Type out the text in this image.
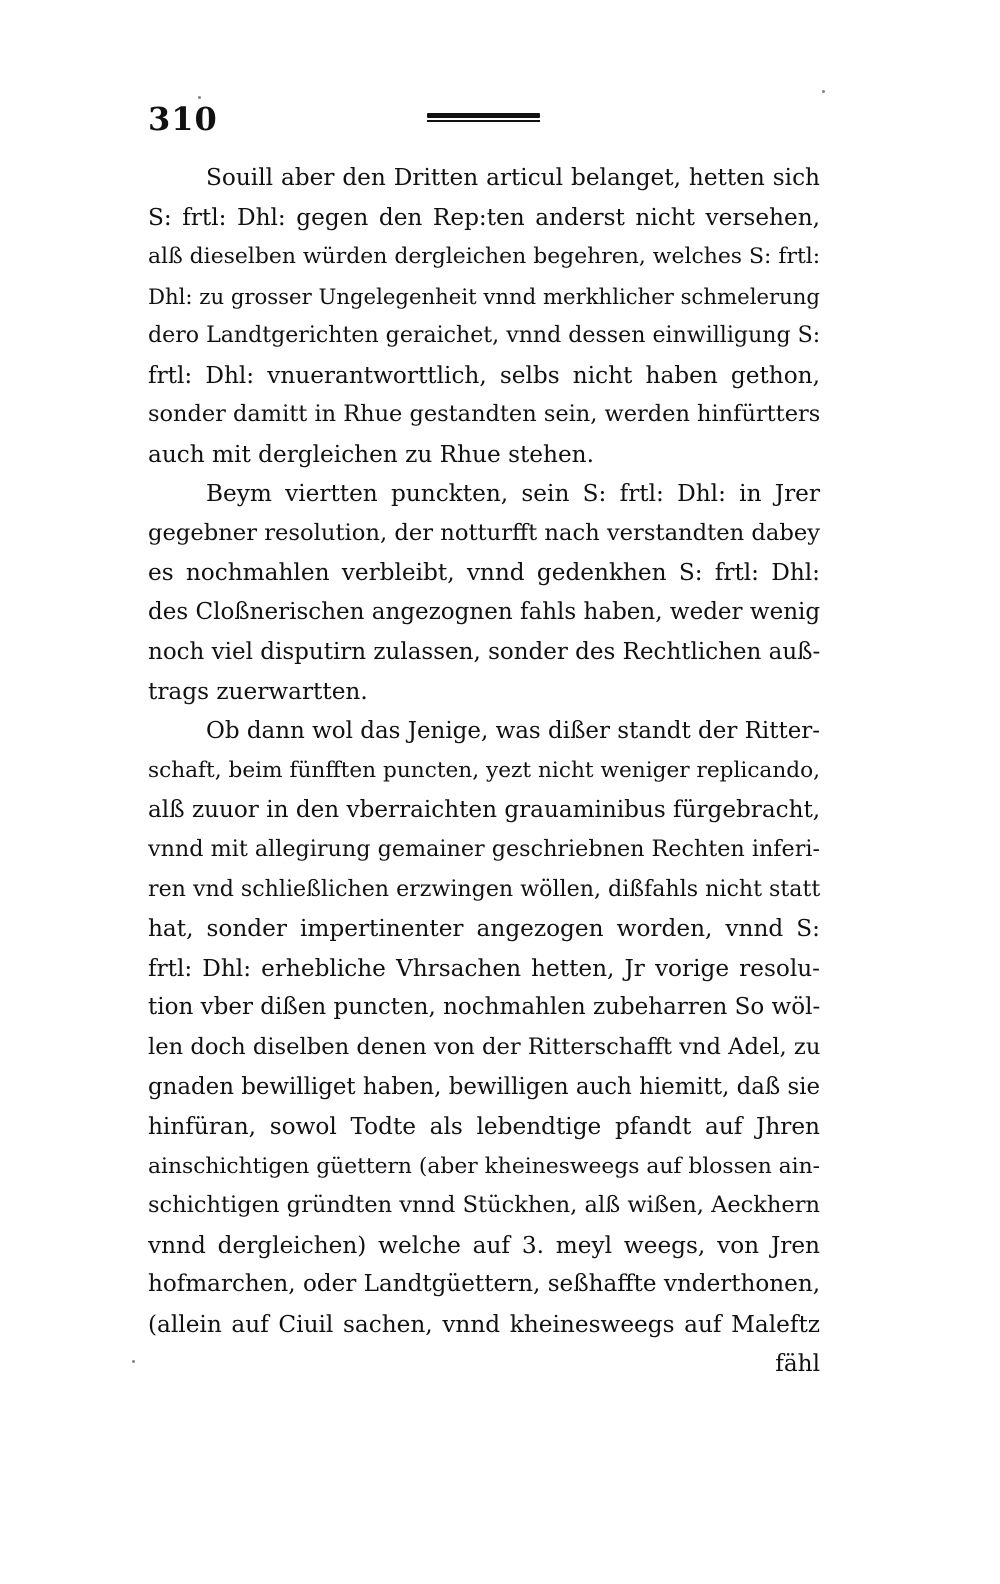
310
Souill aber den Dritten articul belanget, hetten sich
S: frtl: Dhl: gegen den Rep:ten anderst nicht versehen,
alß dieselben würden dergleichen begehren, welches S: frtl:
Dhl: zu grosser Ungelegenheit vnnd merkhlicher schmelerung
dero Landtgerichten geraichet, vnnd dessen einwilligung S:
frtl: Dhl: vnuerantworttlich, selbs nicht haben gethon,
sonder damitt in Rhue gestandten sein, werden hinfürtters
auch mit dergleichen zu Rhue stehen.
Beym viertten punckten, sein S: frtl: Dhl: in Jrer
gegebner resolution, der notturfft nach verstandten dabey
es nochmahlen verbleibt, vnnd gedenkhen S: frtl: Dhl:
des Cloßnerischen angezognen fahls haben, weder wenig
noch viel disputirn zulassen, sonder des Rechtlichen auß-
trags zuerwartten.
Ob dann wol das Jenige, was dißer standt der Ritter-
schaft, beim fünfften puncten, yezt nicht weniger replicando,
alß zuuor in den vberraichten grauaminibus fürgebracht,
vnnd mit allegirung gemainer geschriebnen Rechten inferi-
ren vnd schließlichen erzwingen wöllen, dißfahls nicht statt
hat, sonder impertinenter angezogen worden, vnnd S:
frtl: Dhl: erhebliche Vhrsachen hetten, Jr vorige resolu-
tion vber dißen puncten, nochmahlen zubeharren So wöl-
len doch diselben denen von der Ritterschafft vnd Adel, zu
gnaden bewilliget haben, bewilligen auch hiemitt, daß sie
hinfüran, sowol Todte als lebendtige pfandt auf Jhren
ainschichtigen güettern (aber kheinesweegs auf blossen ain-
schichtigen gründten vnnd Stückhen, alß wißen, Aeckhern
vnnd dergleichen) welche auf 3. meyl weegs, von Jren
hofmarchen, oder Landtgüettern, seßhaffte vnderthonen,
(allein auf Ciuil sachen, vnnd kheinesweegs auf Maleftz
fähl
